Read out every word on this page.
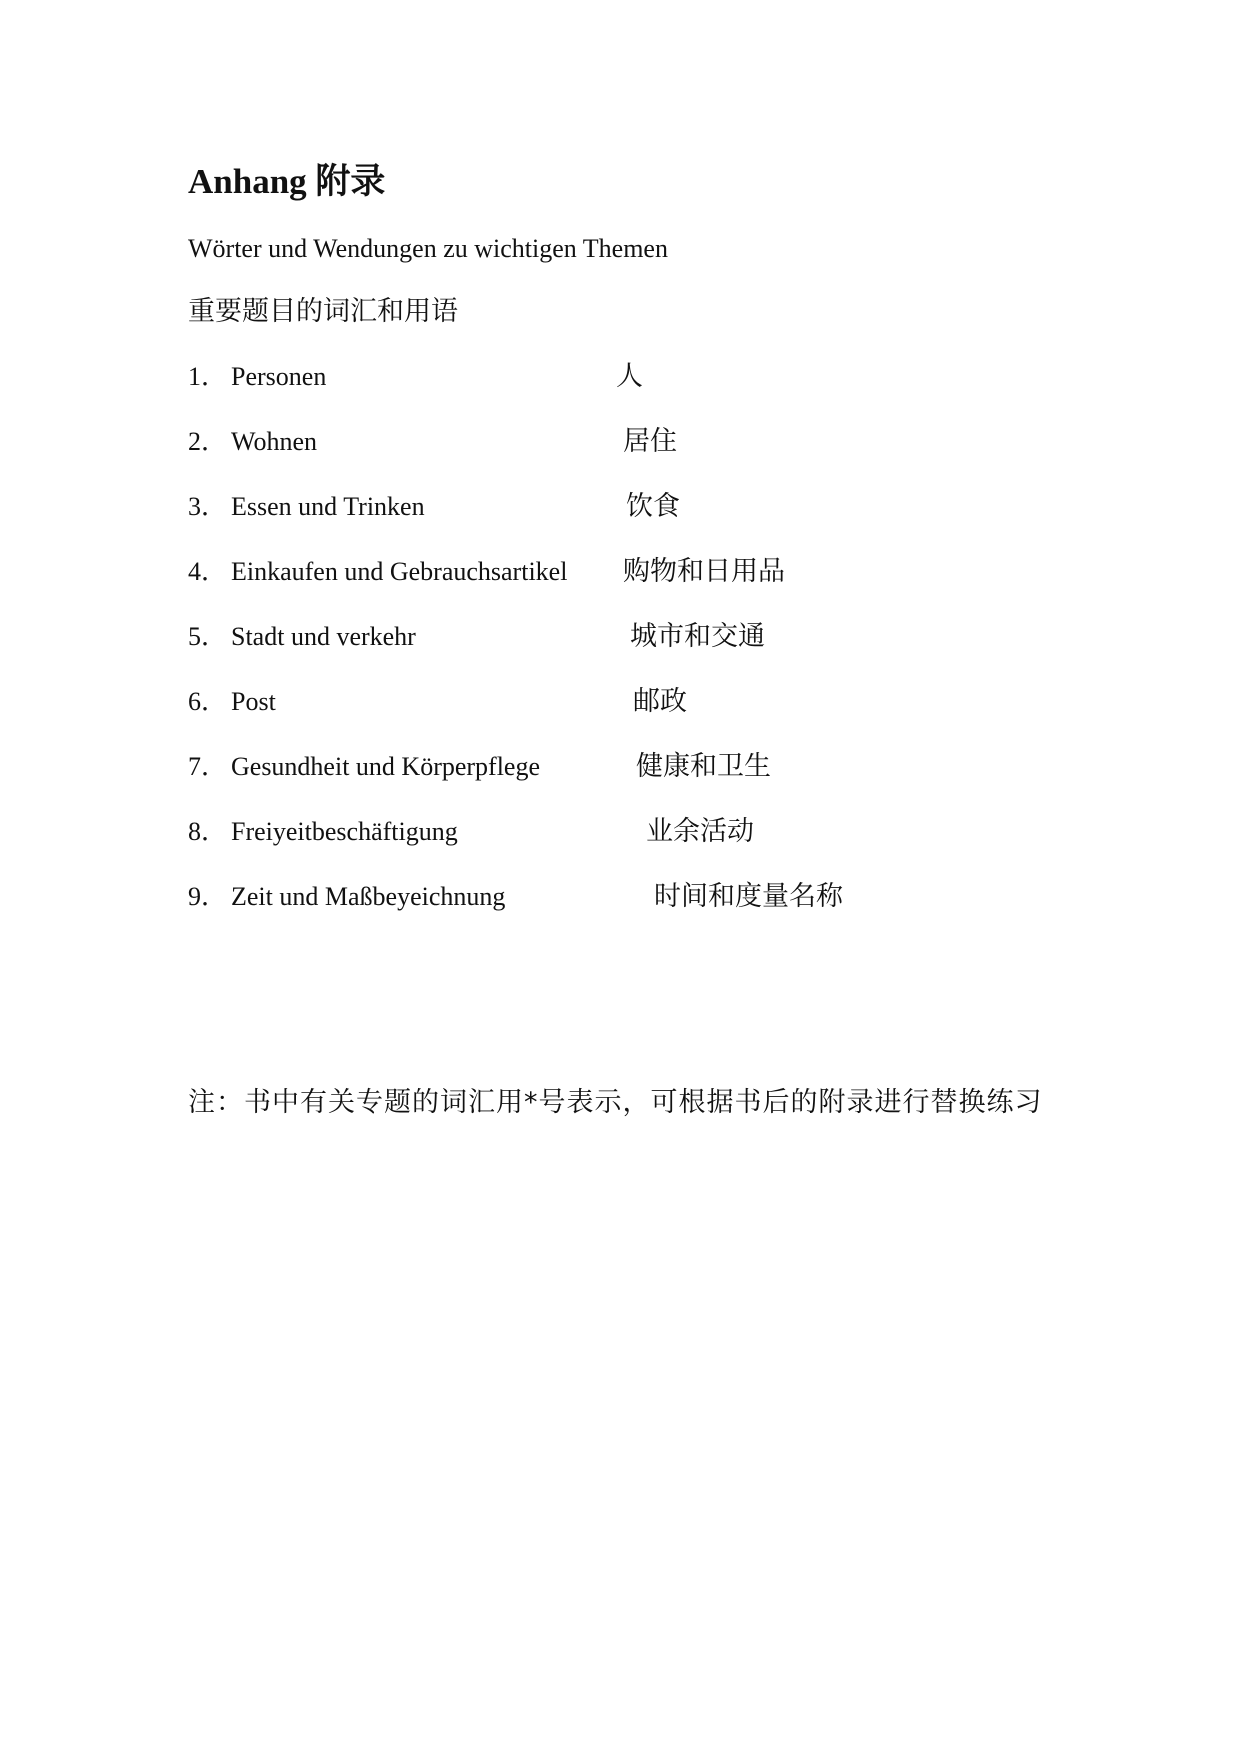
Anhang 附录
Wörter und Wendungen zu wichtigen Themen
重要题目的词汇和用语
1． Personen	人
2． Wohnen	居住
3． Essen und Trinken	饮食
4． Einkaufen und Gebrauchsartikel 购物和日用品
5． Stadt und verkehr	城市和交通
6． Post	邮政
7． Gesundheit und Körperpflege	健康和卫生
8． Freiyeitbeschäftigung	业余活动
9． Zeit und Maßbeyeichnung	时间和度量名称
注：书中有关专题的词汇用*号表示，可根据书后的附录进行替换练习
